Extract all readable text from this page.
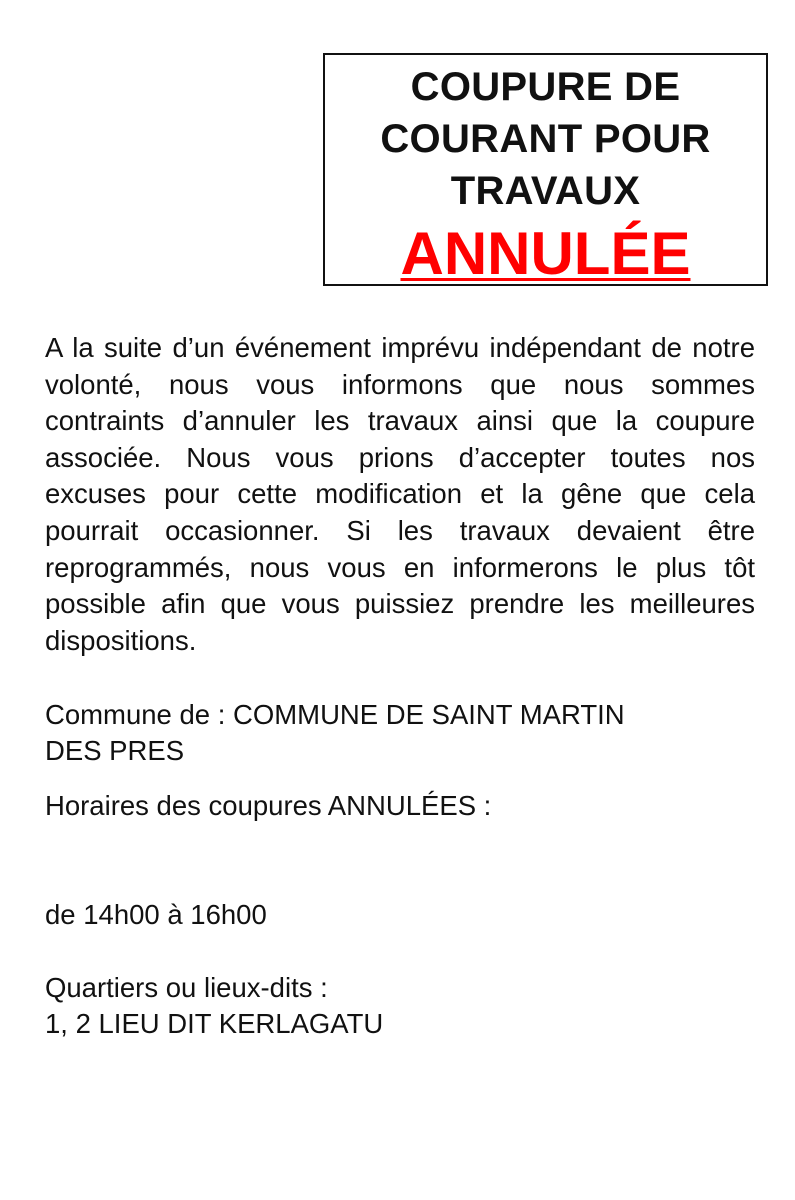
COUPURE DE
COURANT POUR
TRAVAUX
ANNULÉE

A la suite d’un événement imprévu indépendant de notre volonté, nous vous informons que nous sommes contraints d’annuler les travaux ainsi que la coupure associée. Nous vous prions d’accepter toutes nos excuses pour cette modification et la gêne que cela pourrait occasionner. Si les travaux devaient être reprogrammés, nous vous en informerons le plus tôt possible afin que vous puissiez prendre les meilleures dispositions.

Commune de : COMMUNE DE SAINT MARTIN
DES PRES
Horaires des coupures ANNULÉES :
de 14h00 à 16h00
Quartiers ou lieux-dits :
1, 2 LIEU DIT KERLAGATU
